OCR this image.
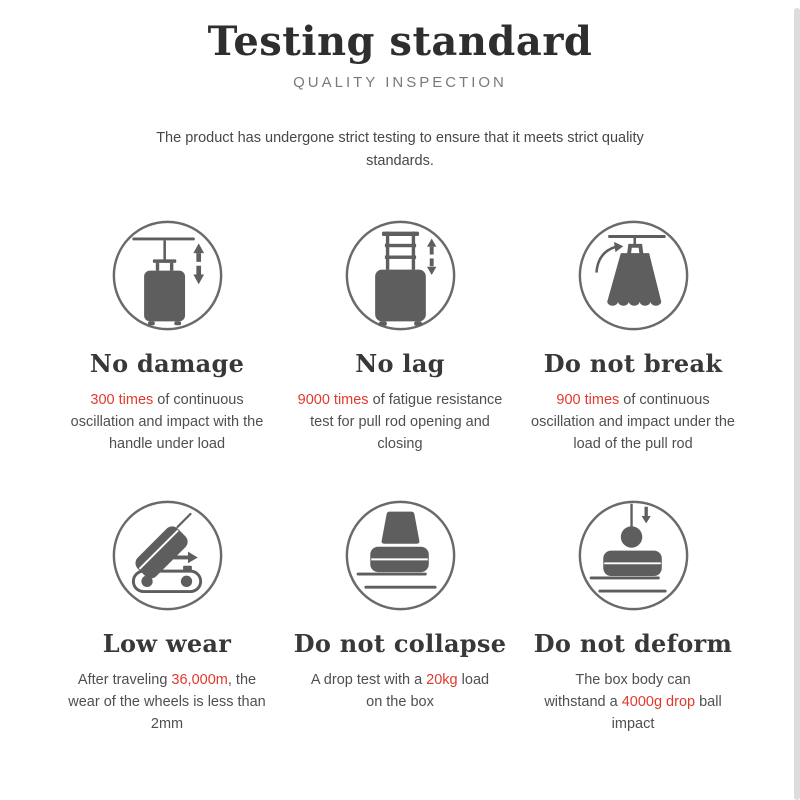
Testing standard

QUALITY INSPECTION

The product has undergone strict testing to ensure that it meets strict quality standards.

No damage

300 times of continuous oscillation and impact with the handle under load

No lag

9000 times of fatigue resistance test for pull rod opening and closing

Do not break

900 times of continuous oscillation and impact under the load of the pull rod

Low wear

After traveling 36,000m, the wear of the wheels is less than 2mm

Do not collapse

A drop test with a 20kg load on the box

Do not deform

The box body can withstand a 4000g drop ball impact
